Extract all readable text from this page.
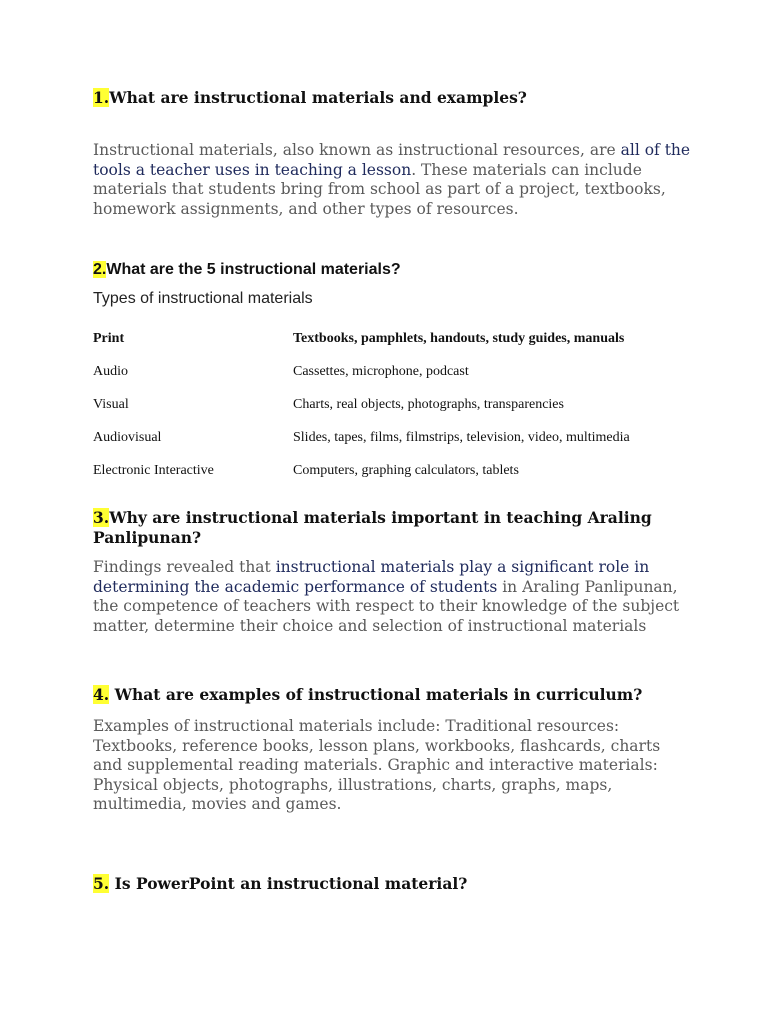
1.What are instructional materials and examples?

Instructional materials, also known as instructional resources, are all of the tools a teacher uses in teaching a lesson. These materials can include materials that students bring from school as part of a project, textbooks, homework assignments, and other types of resources.

2.What are the 5 instructional materials?

Types of instructional materials

Print	Textbooks, pamphlets, handouts, study guides, manuals
Audio	Cassettes, microphone, podcast
Visual	Charts, real objects, photographs, transparencies
Audiovisual	Slides, tapes, films, filmstrips, television, video, multimedia
Electronic Interactive	Computers, graphing calculators, tablets

3.Why are instructional materials important in teaching Araling Panlipunan?

Findings revealed that instructional materials play a significant role in determining the academic performance of students in Araling Panlipunan, the competence of teachers with respect to their knowledge of the subject matter, determine their choice and selection of instructional materials

4. What are examples of instructional materials in curriculum?

Examples of instructional materials include: Traditional resources: Textbooks, reference books, lesson plans, workbooks, flashcards, charts and supplemental reading materials. Graphic and interactive materials: Physical objects, photographs, illustrations, charts, graphs, maps, multimedia, movies and games.

5. Is PowerPoint an instructional material?
